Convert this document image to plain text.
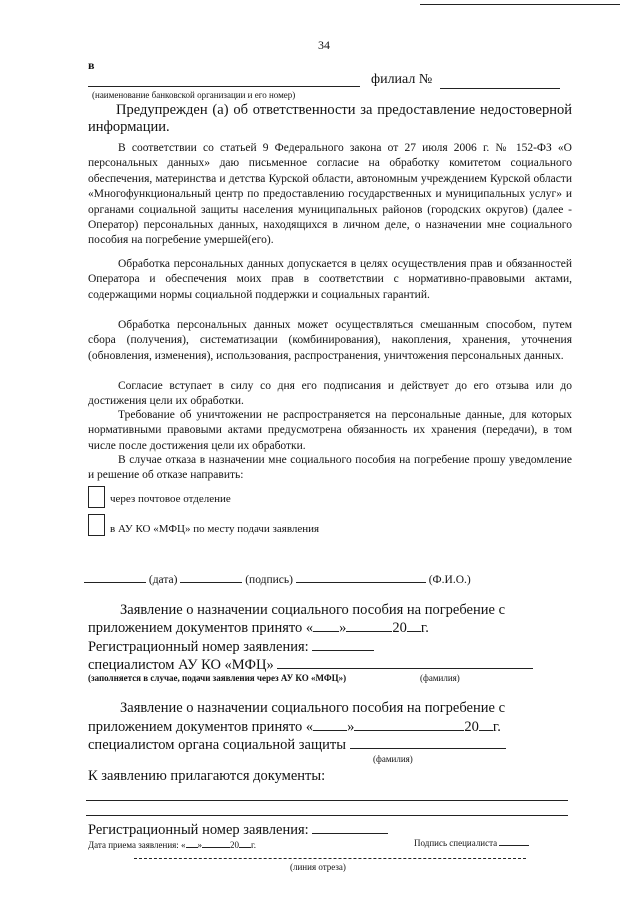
34
в
филиал №
(наименование банковской организации и его номер)

Предупрежден (а) об ответственности за предоставление недостоверной информации.

В соответствии со статьей 9 Федерального закона от 27 июля 2006 г. № 152-ФЗ «О персональных данных» даю письменное согласие на обработку комитетом социального обеспечения, материнства и детства Курской области, автономным учреждением Курской области «Многофункциональный центр по предоставлению государственных и муниципальных услуг» и органами социальной защиты населения муниципальных районов (городских округов) (далее - Оператор) персональных данных, находящихся в личном деле, о назначении мне социального пособия на погребение умершей(его).

Обработка персональных данных допускается в целях осуществления прав и обязанностей Оператора и обеспечения моих прав в соответствии с нормативно-правовыми актами, содержащими нормы социальной поддержки и социальных гарантий.

Обработка персональных данных может осуществляться смешанным способом, путем сбора (получения), систематизации (комбинирования), накопления, хранения, уточнения (обновления, изменения), использования, распространения, уничтожения персональных данных.

Согласие вступает в силу со дня его подписания и действует до его отзыва или до достижения цели их обработки.

Требование об уничтожении не распространяется на персональные данные, для которых нормативными правовыми актами предусмотрена обязанность их хранения (передачи), в том числе после достижения цели их обработки.

В случае отказа в назначении мне социального пособия на погребение прошу уведомление и решение об отказе направить:

через почтовое отделение
в АУ КО «МФЦ» по месту подачи заявления
(дата)	(подпись)	(Ф.И.О.)
Заявление о назначении социального пособия на погребение с
приложением документов принято « »	20 г.
Регистрационный номер заявления:
специалистом АУ КО «МФЦ»
(заполняется в случае, подачи заявления через АУ КО «МФЦ»)	(фамилия)
Заявление о назначении социального пособия на погребение с
приложением документов принято « »	20 г.
специалистом органа социальной защиты
(фамилия)
К заявлению прилагаются документы:
Регистрационный номер заявления:
Дата приема заявления: « »	20 г.	Подпись специалиста
(линия отреза)
